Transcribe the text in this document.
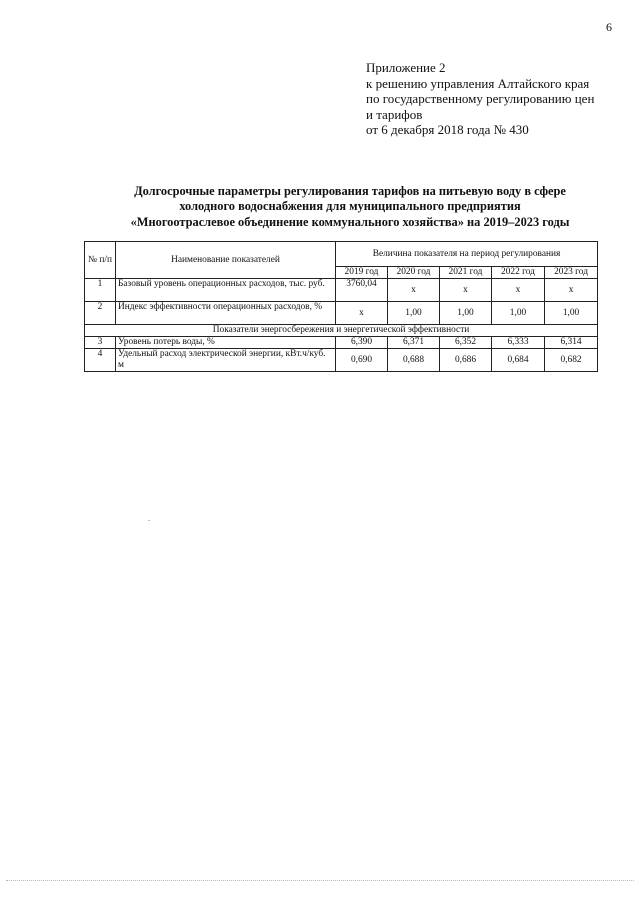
6
Приложение 2
к решению управления Алтайского края
по государственному регулированию цен
и тарифов
от 6 декабря 2018 года № 430
Долгосрочные параметры регулирования тарифов на питьевую воду в сфере
холодного водоснабжения для муниципального предприятия
«Многоотраслевое объединение коммунального хозяйства» на 2019–2023 годы
№ п/п	Наименование показателей	Величина показателя на период регулирования				
		2019 год	2020 год	2021 год	2022 год	2023 год
1	Базовый уровень операционных расходов, тыс. руб.	3760,04	х	х	х	х
2	Индекс эффективности операционных расходов, %	х	1,00	1,00	1,00	1,00
Показатели энергосбережения и энергетической эффективности						
3	Уровень потерь воды, %	6,390	6,371	6,352	6,333	6,314
4	Удельный расход электрической энергии, кВт.ч/куб. м	0,690	0,688	0,686	0,684	0,682
